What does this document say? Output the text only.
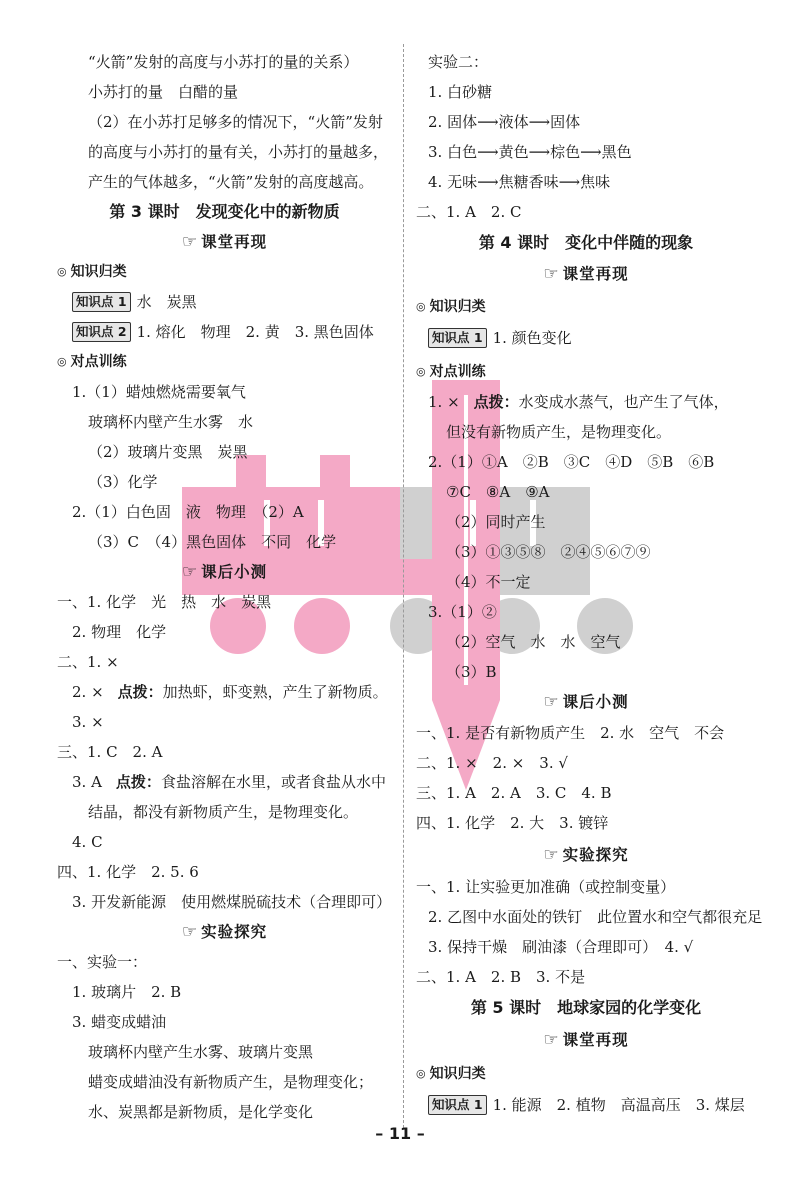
“火箭”发射的高度与小苏打的量的关系）
小苏打的量　白醋的量
（2）在小苏打足够多的情况下，“火箭”发射
的高度与小苏打的量有关，小苏打的量越多，
产生的气体越多，“火箭”发射的高度越高。
第 3 课时　发现变化中的新物质
☞ 课堂再现
◎ 知识归类
知识点 1 水　炭黑
知识点 2 1. 熔化　物理　2. 黄　3. 黑色固体
◎ 对点训练
1.（1）蜡烛燃烧需要氧气
玻璃杯内壁产生水雾　水
（2）玻璃片变黑　炭黑
（3）化学
2.（1）白色固　液　物理　（2）A
（3）C　（4）黑色固体　不同　化学
☞ 课后小测
一、1. 化学　光　热　水　炭黑
2. 物理　化学
二、1. ×
2. × 点拨：加热虾，虾变熟，产生了新物质。
3. ×
三、1. C　2. A
3. A 点拨：食盐溶解在水里，或者食盐从水中
结晶，都没有新物质产生，是物理变化。
4. C
四、1. 化学　2. 5. 6
3. 开发新能源　使用燃煤脱硫技术（合理即可）
☞ 实验探究
一、实验一：
1. 玻璃片　2. B
3. 蜡变成蜡油
玻璃杯内壁产生水雾、玻璃片变黑
蜡变成蜡油没有新物质产生，是物理变化；
水、炭黑都是新物质，是化学变化
实验二：
1. 白砂糖
2. 固体⟶液体⟶固体
3. 白色⟶黄色⟶棕色⟶黑色
4. 无味⟶焦糖香味⟶焦味
二、1. A　2. C
第 4 课时　变化中伴随的现象
☞ 课堂再现
◎ 知识归类
知识点 1 1. 颜色变化
◎ 对点训练
1. × 点拨：水变成水蒸气，也产生了气体，
但没有新物质产生，是物理变化。
2.（1）①A　②B　③C　④D　⑤B　⑥B
⑦C　⑧A　⑨A
（2）同时产生
（3）①③⑤⑧　②④⑤⑥⑦⑨
（4）不一定
3.（1）②
（2）空气　水　水　空气
（3）B
☞ 课后小测
一、1. 是否有新物质产生　2. 水　空气　不会
二、1. ×　2. ×　3. √
三、1. A　2. A　3. C　4. B
四、1. 化学　2. 大　3. 镀锌
☞ 实验探究
一、1. 让实验更加准确（或控制变量）
2. 乙图中水面处的铁钉　此位置水和空气都很充足
3. 保持干燥　刷油漆（合理即可）　4. √
二、1. A　2. B　3. 不是
第 5 课时　地球家园的化学变化
☞ 课堂再现
◎ 知识归类
知识点 1 1. 能源　2. 植物　高温高压　3. 煤层
– 11 –
